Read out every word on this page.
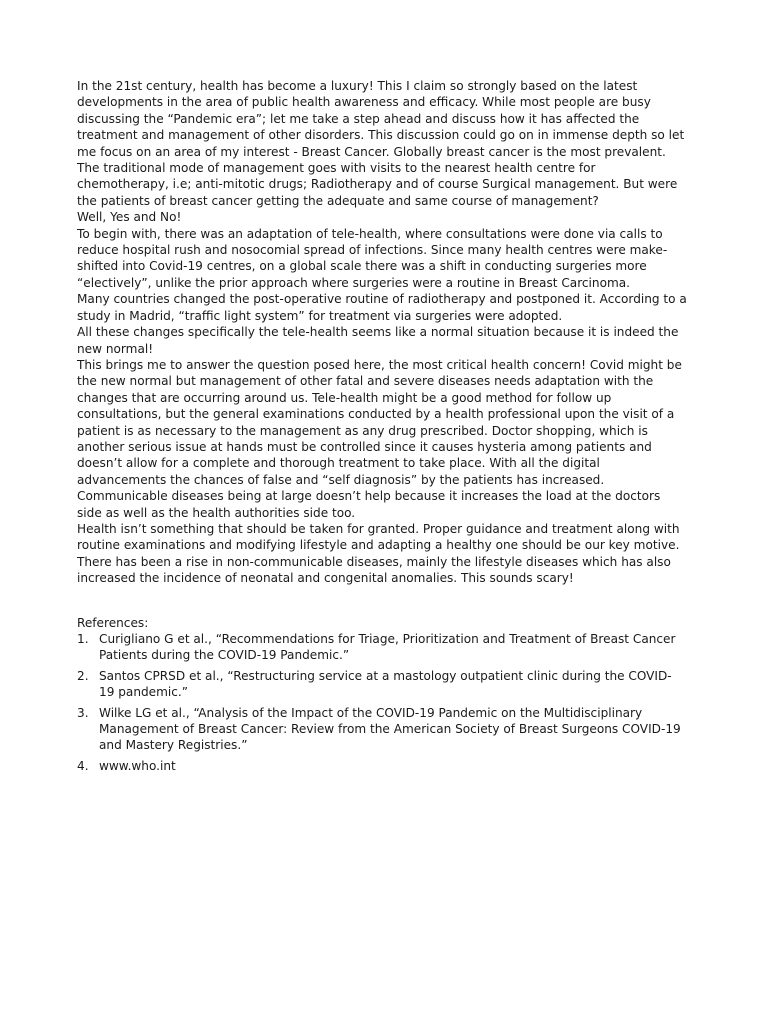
In the 21st century, health has become a luxury! This I claim so strongly based on the latest developments in the area of public health awareness and efficacy. While most people are busy discussing the “Pandemic era”; let me take a step ahead and discuss how it has affected the treatment and management of other disorders. This discussion could go on in immense depth so let me focus on an area of my interest - Breast Cancer. Globally breast cancer is the most prevalent.

The traditional mode of management goes with visits to the nearest health centre for chemotherapy, i.e; anti-mitotic drugs; Radiotherapy and of course Surgical management. But were the patients of breast cancer getting the adequate and same course of management?

Well, Yes and No!

To begin with, there was an adaptation of tele-health, where consultations were done via calls to reduce hospital rush and nosocomial spread of infections. Since many health centres were make- shifted into Covid-19 centres, on a global scale there was a shift in conducting surgeries more “electively”, unlike the prior approach where surgeries were a routine in Breast Carcinoma.

Many countries changed the post-operative routine of radiotherapy and postponed it. According to a study in Madrid, “traffic light system” for treatment via surgeries were adopted.

All these changes specifically the tele-health seems like a normal situation because it is indeed the new normal!

This brings me to answer the question posed here, the most critical health concern! Covid might be the new normal but management of other fatal and severe diseases needs adaptation with the changes that are occurring around us. Tele-health might be a good method for follow up consultations, but the general examinations conducted by a health professional upon the visit of a patient is as necessary to the management as any drug prescribed. Doctor shopping, which is another serious issue at hands must be controlled since it causes hysteria among patients and doesn’t allow for a complete and thorough treatment to take place. With all the digital advancements the chances of false and “self diagnosis” by the patients has increased. Communicable diseases being at large doesn’t help because it increases the load at the doctors side as well as the health authorities side too.

Health isn’t something that should be taken for granted. Proper guidance and treatment along with routine examinations and modifying lifestyle and adapting a healthy one should be our key motive. There has been a rise in non-communicable diseases, mainly the lifestyle diseases which has also increased the incidence of neonatal and congenital anomalies. This sounds scary!

References:

1. Curigliano G et al., “Recommendations for Triage, Prioritization and Treatment of Breast Cancer Patients during the COVID-19 Pandemic.”
2. Santos CPRSD et al., “Restructuring service at a mastology outpatient clinic during the COVID-19 pandemic.”
3. Wilke LG et al., “Analysis of the Impact of the COVID-19 Pandemic on the Multidisciplinary Management of Breast Cancer: Review from the American Society of Breast Surgeons COVID-19 and Mastery Registries.”
4. www.who.int
